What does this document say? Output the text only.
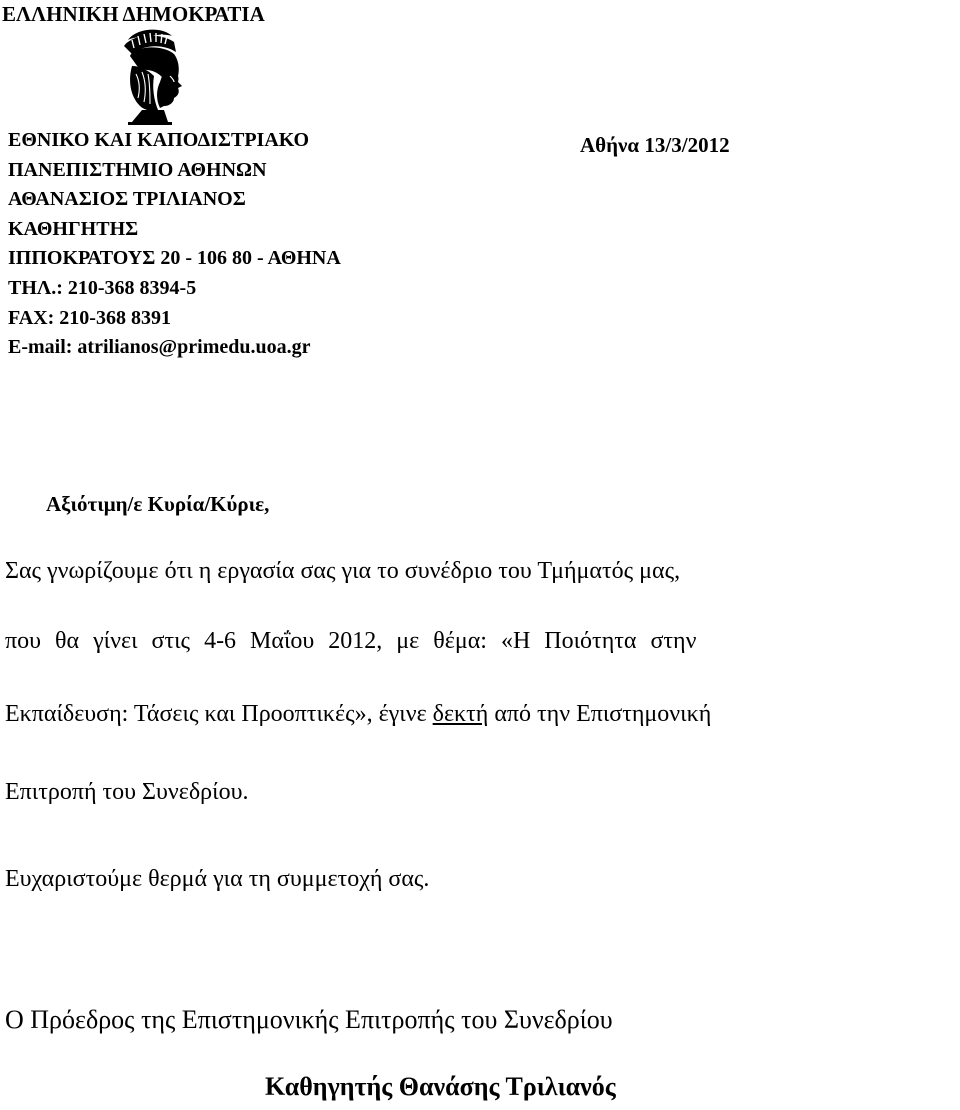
ΕΛΛΗΝΙΚΗ ΔΗΜΟΚΡΑΤΙΑ
ΕΘΝΙΚΟ ΚΑΙ ΚΑΠΟΔΙΣΤΡΙΑΚΟ
ΠΑΝΕΠΙΣΤΗΜΙΟ ΑΘΗΝΩΝ
ΑΘΑΝΑΣΙΟΣ ΤΡΙΛΙΑΝΟΣ
ΚΑΘΗΓΗΤΗΣ
ΙΠΠΟΚΡΑΤΟΥΣ 20 - 106 80 - ΑΘΗΝΑ
ΤΗΛ.: 210-368 8394-5
FAX: 210-368 8391
E-mail: atrilianos@primedu.uoa.gr
Αθήνα 13/3/2012
Αξιότιμη/ε Κυρία/Κύριε,
Σας γνωρίζουμε ότι η εργασία σας για το συνέδριο του Τμήματός μας,
που θα γίνει στις 4-6 Μαΐου 2012, με θέμα: «Η Ποιότητα στην
Εκπαίδευση: Τάσεις και Προοπτικές», έγινε δεκτή από την Επιστημονική
Επιτροπή του Συνεδρίου.
Ευχαριστούμε θερμά για τη συμμετοχή σας.
Ο Πρόεδρος της Επιστημονικής Επιτροπής του Συνεδρίου
Καθηγητής Θανάσης Τριλιανός
